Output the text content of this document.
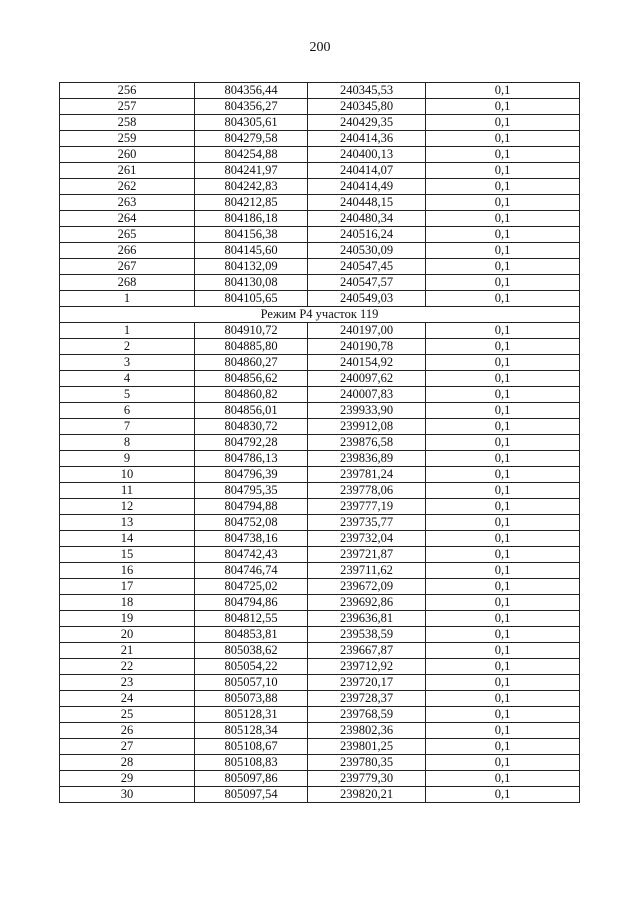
200
256	804356,44	240345,53	0,1
257	804356,27	240345,80	0,1
258	804305,61	240429,35	0,1
259	804279,58	240414,36	0,1
260	804254,88	240400,13	0,1
261	804241,97	240414,07	0,1
262	804242,83	240414,49	0,1
263	804212,85	240448,15	0,1
264	804186,18	240480,34	0,1
265	804156,38	240516,24	0,1
266	804145,60	240530,09	0,1
267	804132,09	240547,45	0,1
268	804130,08	240547,57	0,1
1	804105,65	240549,03	0,1
Режим Р4 участок 119			
1	804910,72	240197,00	0,1
2	804885,80	240190,78	0,1
3	804860,27	240154,92	0,1
4	804856,62	240097,62	0,1
5	804860,82	240007,83	0,1
6	804856,01	239933,90	0,1
7	804830,72	239912,08	0,1
8	804792,28	239876,58	0,1
9	804786,13	239836,89	0,1
10	804796,39	239781,24	0,1
11	804795,35	239778,06	0,1
12	804794,88	239777,19	0,1
13	804752,08	239735,77	0,1
14	804738,16	239732,04	0,1
15	804742,43	239721,87	0,1
16	804746,74	239711,62	0,1
17	804725,02	239672,09	0,1
18	804794,86	239692,86	0,1
19	804812,55	239636,81	0,1
20	804853,81	239538,59	0,1
21	805038,62	239667,87	0,1
22	805054,22	239712,92	0,1
23	805057,10	239720,17	0,1
24	805073,88	239728,37	0,1
25	805128,31	239768,59	0,1
26	805128,34	239802,36	0,1
27	805108,67	239801,25	0,1
28	805108,83	239780,35	0,1
29	805097,86	239779,30	0,1
30	805097,54	239820,21	0,1
